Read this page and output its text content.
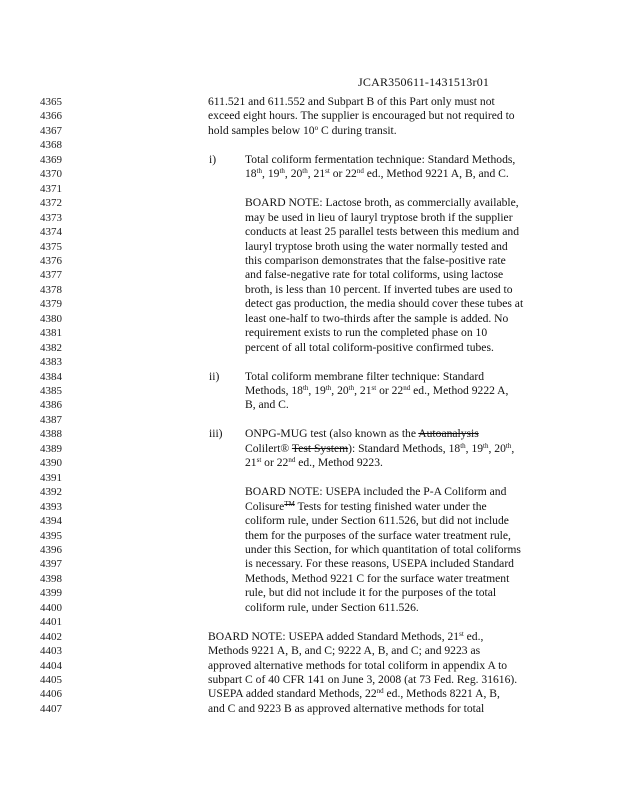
JCAR350611-1431513r01
4365	611.521 and 611.552 and Subpart B of this Part only must not
4366	exceed eight hours. The supplier is encouraged but not required to
4367	hold samples below 10$^o$ C during transit.
4368
4369	i) Total coliform fermentation technique: Standard Methods,
4370	18th, 19th, 20th, 21st or 22nd ed., Method 9221 A, B, and C.
4371
4372	BOARD NOTE: Lactose broth, as commercially available,
4373	may be used in lieu of lauryl tryptose broth if the supplier
4374	conducts at least 25 parallel tests between this medium and
4375	lauryl tryptose broth using the water normally tested and
4376	this comparison demonstrates that the false-positive rate
4377	and false-negative rate for total coliforms, using lactose
4378	broth, is less than 10 percent. If inverted tubes are used to
4379	detect gas production, the media should cover these tubes at
4380	least one-half to two-thirds after the sample is added. No
4381	requirement exists to run the completed phase on 10
4382	percent of all total coliform-positive confirmed tubes.
4383
4384	ii) Total coliform membrane filter technique: Standard
4385	Methods, 18th, 19th, 20th, 21st or 22nd ed., Method 9222 A,
4386	B, and C.
4387
4388	iii) ONPG-MUG test (also known as the Autoanalysis
4389	Colilert® Test System): Standard Methods, 18th, 19th, 20th,
4390	21st or 22nd ed., Method 9223.
4391
4392	BOARD NOTE: USEPA included the P-A Coliform and
4393	Colisure™ Tests for testing finished water under the
4394	coliform rule, under Section 611.526, but did not include
4395	them for the purposes of the surface water treatment rule,
4396	under this Section, for which quantitation of total coliforms
4397	is necessary. For these reasons, USEPA included Standard
4398	Methods, Method 9221 C for the surface water treatment
4399	rule, but did not include it for the purposes of the total
4400	coliform rule, under Section 611.526.
4401
4402	BOARD NOTE: USEPA added Standard Methods, 21st ed.,
4403	Methods 9221 A, B, and C; 9222 A, B, and C; and 9223 as
4404	approved alternative methods for total coliform in appendix A to
4405	subpart C of 40 CFR 141 on June 3, 2008 (at 73 Fed. Reg. 31616).
4406	USEPA added standard Methods, 22nd ed., Methods 8221 A, B,
4407	and C and 9223 B as approved alternative methods for total
